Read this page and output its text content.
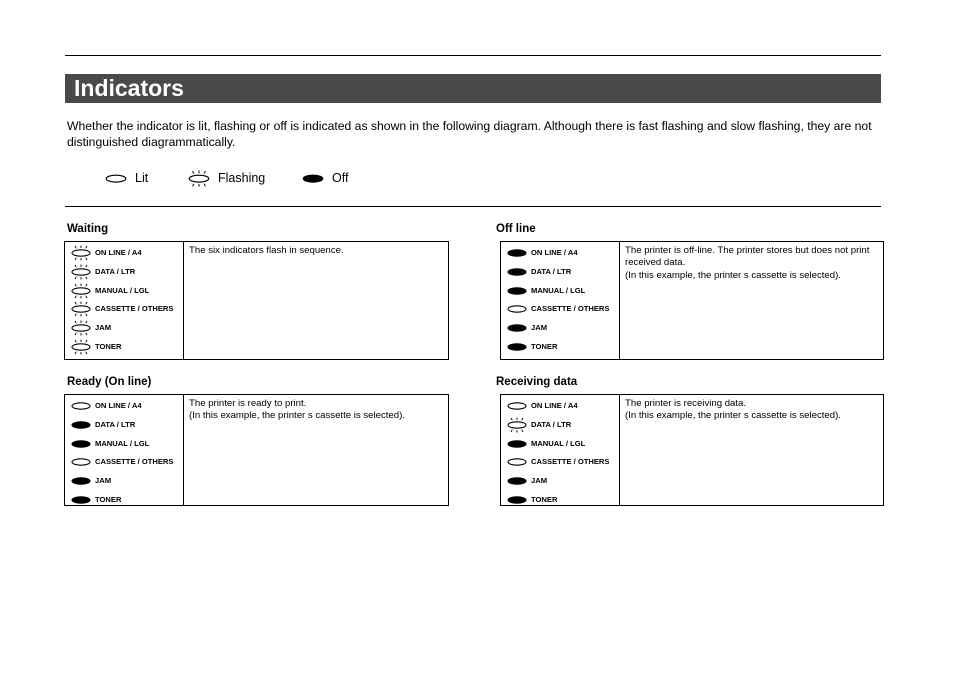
Indicators
Whether the indicator is lit, flashing or off is indicated as shown in the following diagram. Although there is fast flashing and slow flashing, they are not distinguished diagrammatically.
Lit	Flashing	Off
Waiting
ON LINE / A4
DATA / LTR
MANUAL / LGL
CASSETTE / OTHERS
JAM
TONER
The six indicators flash in sequence.
Off line
ON LINE / A4
DATA / LTR
MANUAL / LGL
CASSETTE / OTHERS
JAM
TONER
The printer is off-line. The printer stores but does not print received data.
(In this example, the printer s cassette is selected).
Ready (On line)
ON LINE / A4
DATA / LTR
MANUAL / LGL
CASSETTE / OTHERS
JAM
TONER
The printer is ready to print.
(In this example, the printer s cassette is selected).
Receiving data
ON LINE / A4
DATA / LTR
MANUAL / LGL
CASSETTE / OTHERS
JAM
TONER
The printer is receiving data.
(In this example, the printer s cassette is selected).
